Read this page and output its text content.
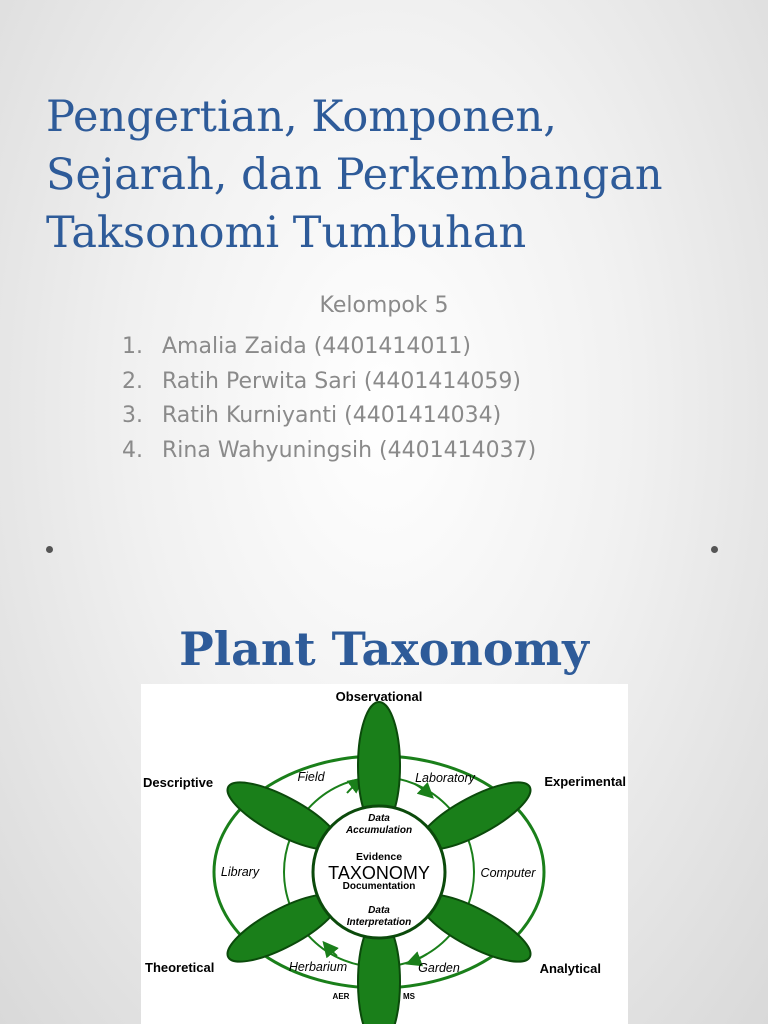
Pengertian, Komponen, Sejarah, dan Perkembangan Taksonomi Tumbuhan

Kelompok 5

1. Amalia Zaida (4401414011)
2. Ratih Perwita Sari (4401414059)
3. Ratih Kurniyanti (4401414034)
4. Rina Wahyuningsih (4401414037)
Plant Taxonomy
Observational
Descriptive	Experimental
Theoretical	Analytical
Field	Laboratory
Library	Computer
Herbarium	Garden
Data
Accumulation
Evidence
TAXONOMY
Documentation
Data
Interpretation
AER	MS
